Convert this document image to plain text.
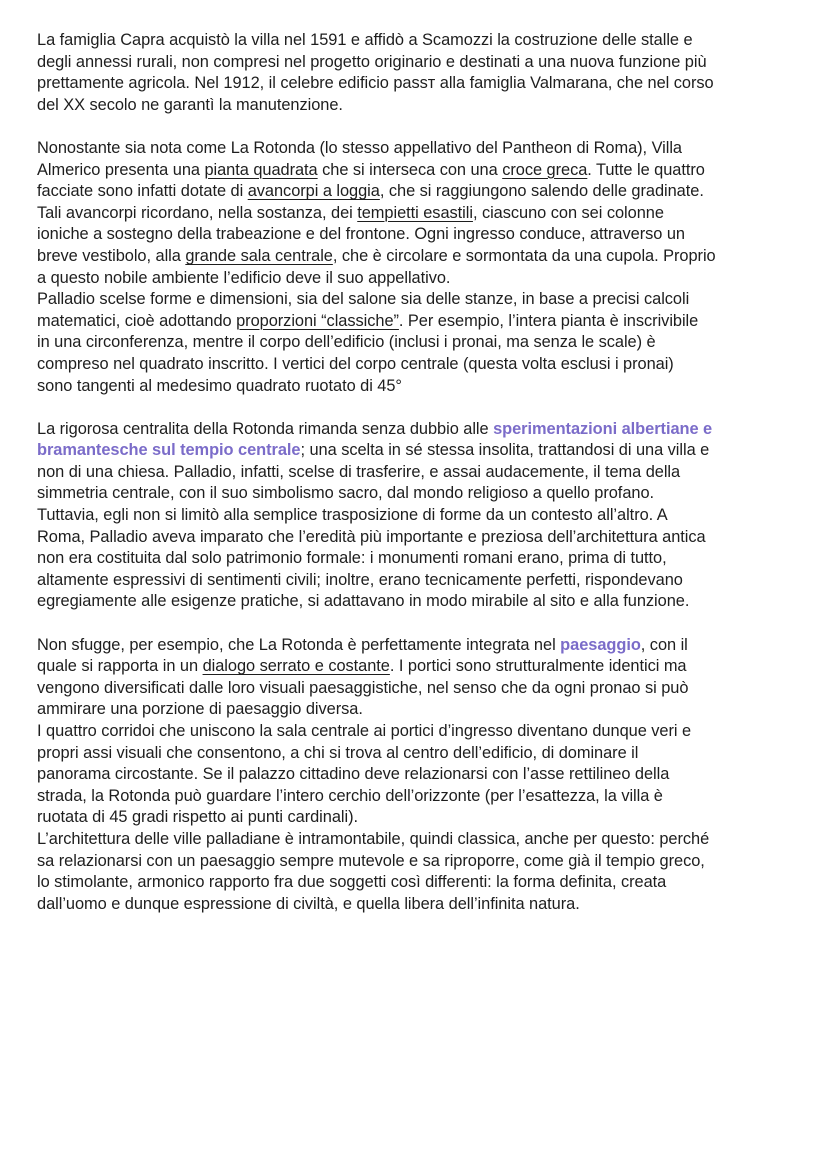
La famiglia Capra acquistò la villa nel 1591 e affidò a Scamozzi la costruzione delle stalle e
degli annessi rurali, non compresi nel progetto originario e destinati a una nuova funzione più
prettamente agricola. Nel 1912, il celebre edificio passт alla famiglia Valmarana, che nel corso
del XX secolo ne garantì la manutenzione.

Nonostante sia nota come La Rotonda (lo stesso appellativo del Pantheon di Roma), Villa
Almerico presenta una pianta quadrata che si interseca con una croce greca. Tutte le quattro
facciate sono infatti dotate di avancorpi a loggia, che si raggiungono salendo delle gradinate.
Tali avancorpi ricordano, nella sostanza, dei tempietti esastili, ciascuno con sei colonne
ioniche a sostegno della trabeazione e del frontone. Ogni ingresso conduce, attraverso un
breve vestibolo, alla grande sala centrale, che è circolare e sormontata da una cupola. Proprio
a questo nobile ambiente l’edificio deve il suo appellativo.
Palladio scelse forme e dimensioni, sia del salone sia delle stanze, in base a precisi calcoli
matematici, cioè adottando proporzioni “classiche”. Per esempio, l’intera pianta è inscrivibile
in una circonferenza, mentre il corpo dell’edificio (inclusi i pronai, ma senza le scale) è
compreso nel quadrato inscritto. I vertici del corpo centrale (questa volta esclusi i pronai)
sono tangenti al medesimo quadrato ruotato di 45°

La rigorosa centralita della Rotonda rimanda senza dubbio alle sperimentazioni albertiane e
bramantesche sul tempio centrale; una scelta in sé stessa insolita, trattandosi di una villa e
non di una chiesa. Palladio, infatti, scelse di trasferire, e assai audacemente, il tema della
simmetria centrale, con il suo simbolismo sacro, dal mondo religioso a quello profano.
Tuttavia, egli non si limitò alla semplice trasposizione di forme da un contesto all’altro. A
Roma, Palladio aveva imparato che l’eredità più importante e preziosa dell’architettura antica
non era costituita dal solo patrimonio formale: i monumenti romani erano, prima di tutto,
altamente espressivi di sentimenti civili; inoltre, erano tecnicamente perfetti, rispondevano
egregiamente alle esigenze pratiche, si adattavano in modo mirabile al sito e alla funzione.

Non sfugge, per esempio, che La Rotonda è perfettamente integrata nel paesaggio, con il
quale si rapporta in un dialogo serrato e costante. I portici sono strutturalmente identici ma
vengono diversificati dalle loro visuali paesaggistiche, nel senso che da ogni pronao si può
ammirare una porzione di paesaggio diversa.
I quattro corridoi che uniscono la sala centrale ai portici d’ingresso diventano dunque veri e
propri assi visuali che consentono, a chi si trova al centro dell’edificio, di dominare il
panorama circostante. Se il palazzo cittadino deve relazionarsi con l’asse rettilineo della
strada, la Rotonda può guardare l’intero cerchio dell’orizzonte (per l’esattezza, la villa è
ruotata di 45 gradi rispetto ai punti cardinali).
L’architettura delle ville palladiane è intramontabile, quindi classica, anche per questo: perché
sa relazionarsi con un paesaggio sempre mutevole e sa riproporre, come già il tempio greco,
lo stimolante, armonico rapporto fra due soggetti così differenti: la forma definita, creata
dall’uomo e dunque espressione di civiltà, e quella libera dell’infinita natura.
